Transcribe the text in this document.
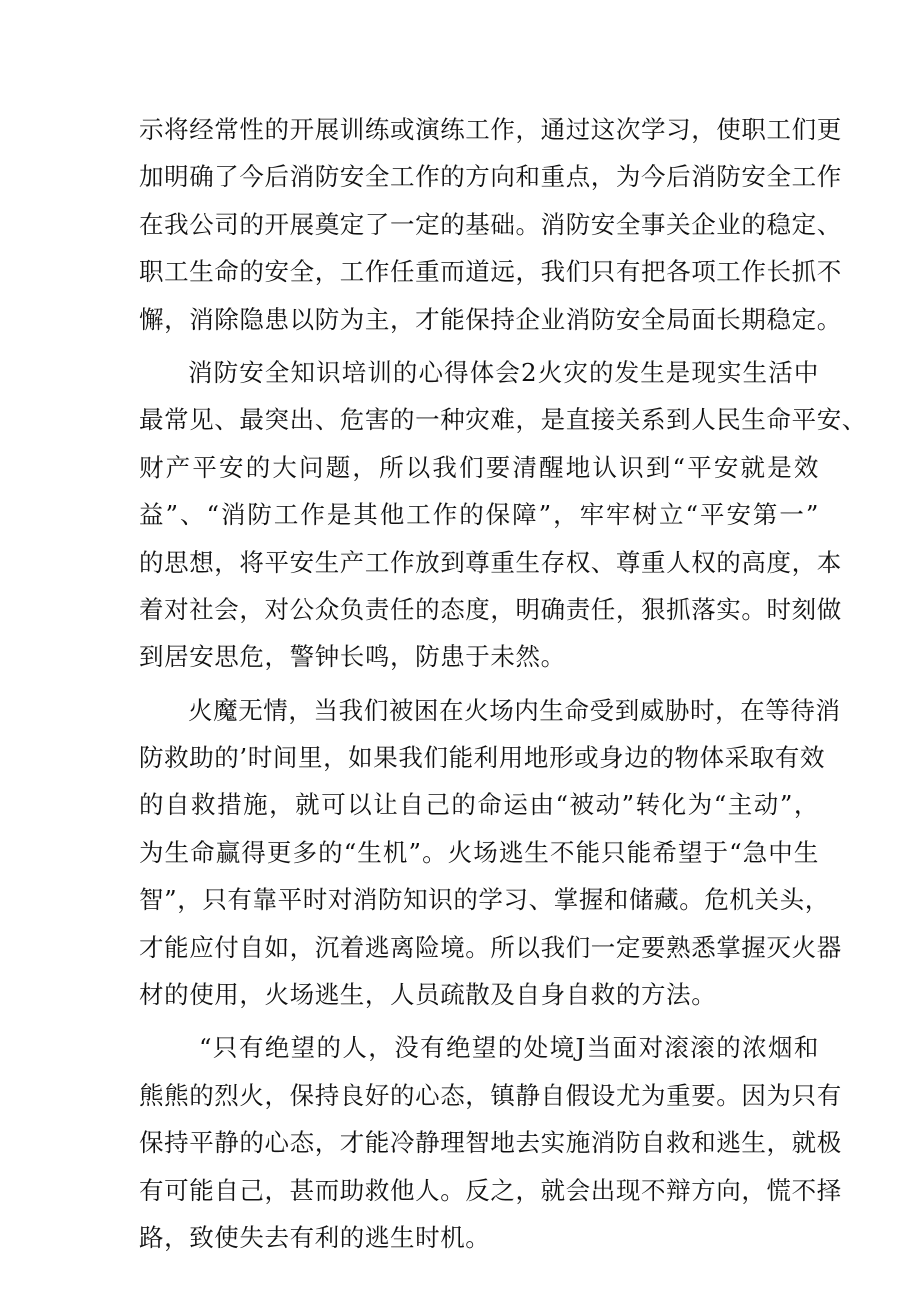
示将经常性的开展训练或演练工作，通过这次学习，使职工们更
加明确了今后消防安全工作的方向和重点，为今后消防安全工作
在我公司的开展奠定了一定的基础。消防安全事关企业的稳定、
职工生命的安全，工作任重而道远，我们只有把各项工作长抓不
懈，消除隐患以防为主，才能保持企业消防安全局面长期稳定。
消防安全知识培训的心得体会2火灾的发生是现实生活中
最常见、最突出、危害的一种灾难，是直接关系到人民生命平安、
财产平安的大问题，所以我们要清醒地认识到“平安就是效
益”、“消防工作是其他工作的保障”，牢牢树立“平安第一”
的思想，将平安生产工作放到尊重生存权、尊重人权的高度，本
着对社会，对公众负责任的态度，明确责任，狠抓落实。时刻做
到居安思危，警钟长鸣，防患于未然。
火魔无情，当我们被困在火场内生命受到威胁时，在等待消
防救助的’时间里，如果我们能利用地形或身边的物体采取有效
的自救措施，就可以让自己的命运由“被动”转化为“主动”，
为生命赢得更多的“生机”。火场逃生不能只能希望于“急中生
智”，只有靠平时对消防知识的学习、掌握和储藏。危机关头，
才能应付自如，沉着逃离险境。所以我们一定要熟悉掌握灭火器
材的使用，火场逃生，人员疏散及自身自救的方法。
“只有绝望的人，没有绝望的处境J当面对滚滚的浓烟和
熊熊的烈火，保持良好的心态，镇静自假设尤为重要。因为只有
保持平静的心态，才能冷静理智地去实施消防自救和逃生，就极
有可能自己，甚而助救他人。反之，就会出现不辩方向，慌不择
路，致使失去有利的逃生时机。
